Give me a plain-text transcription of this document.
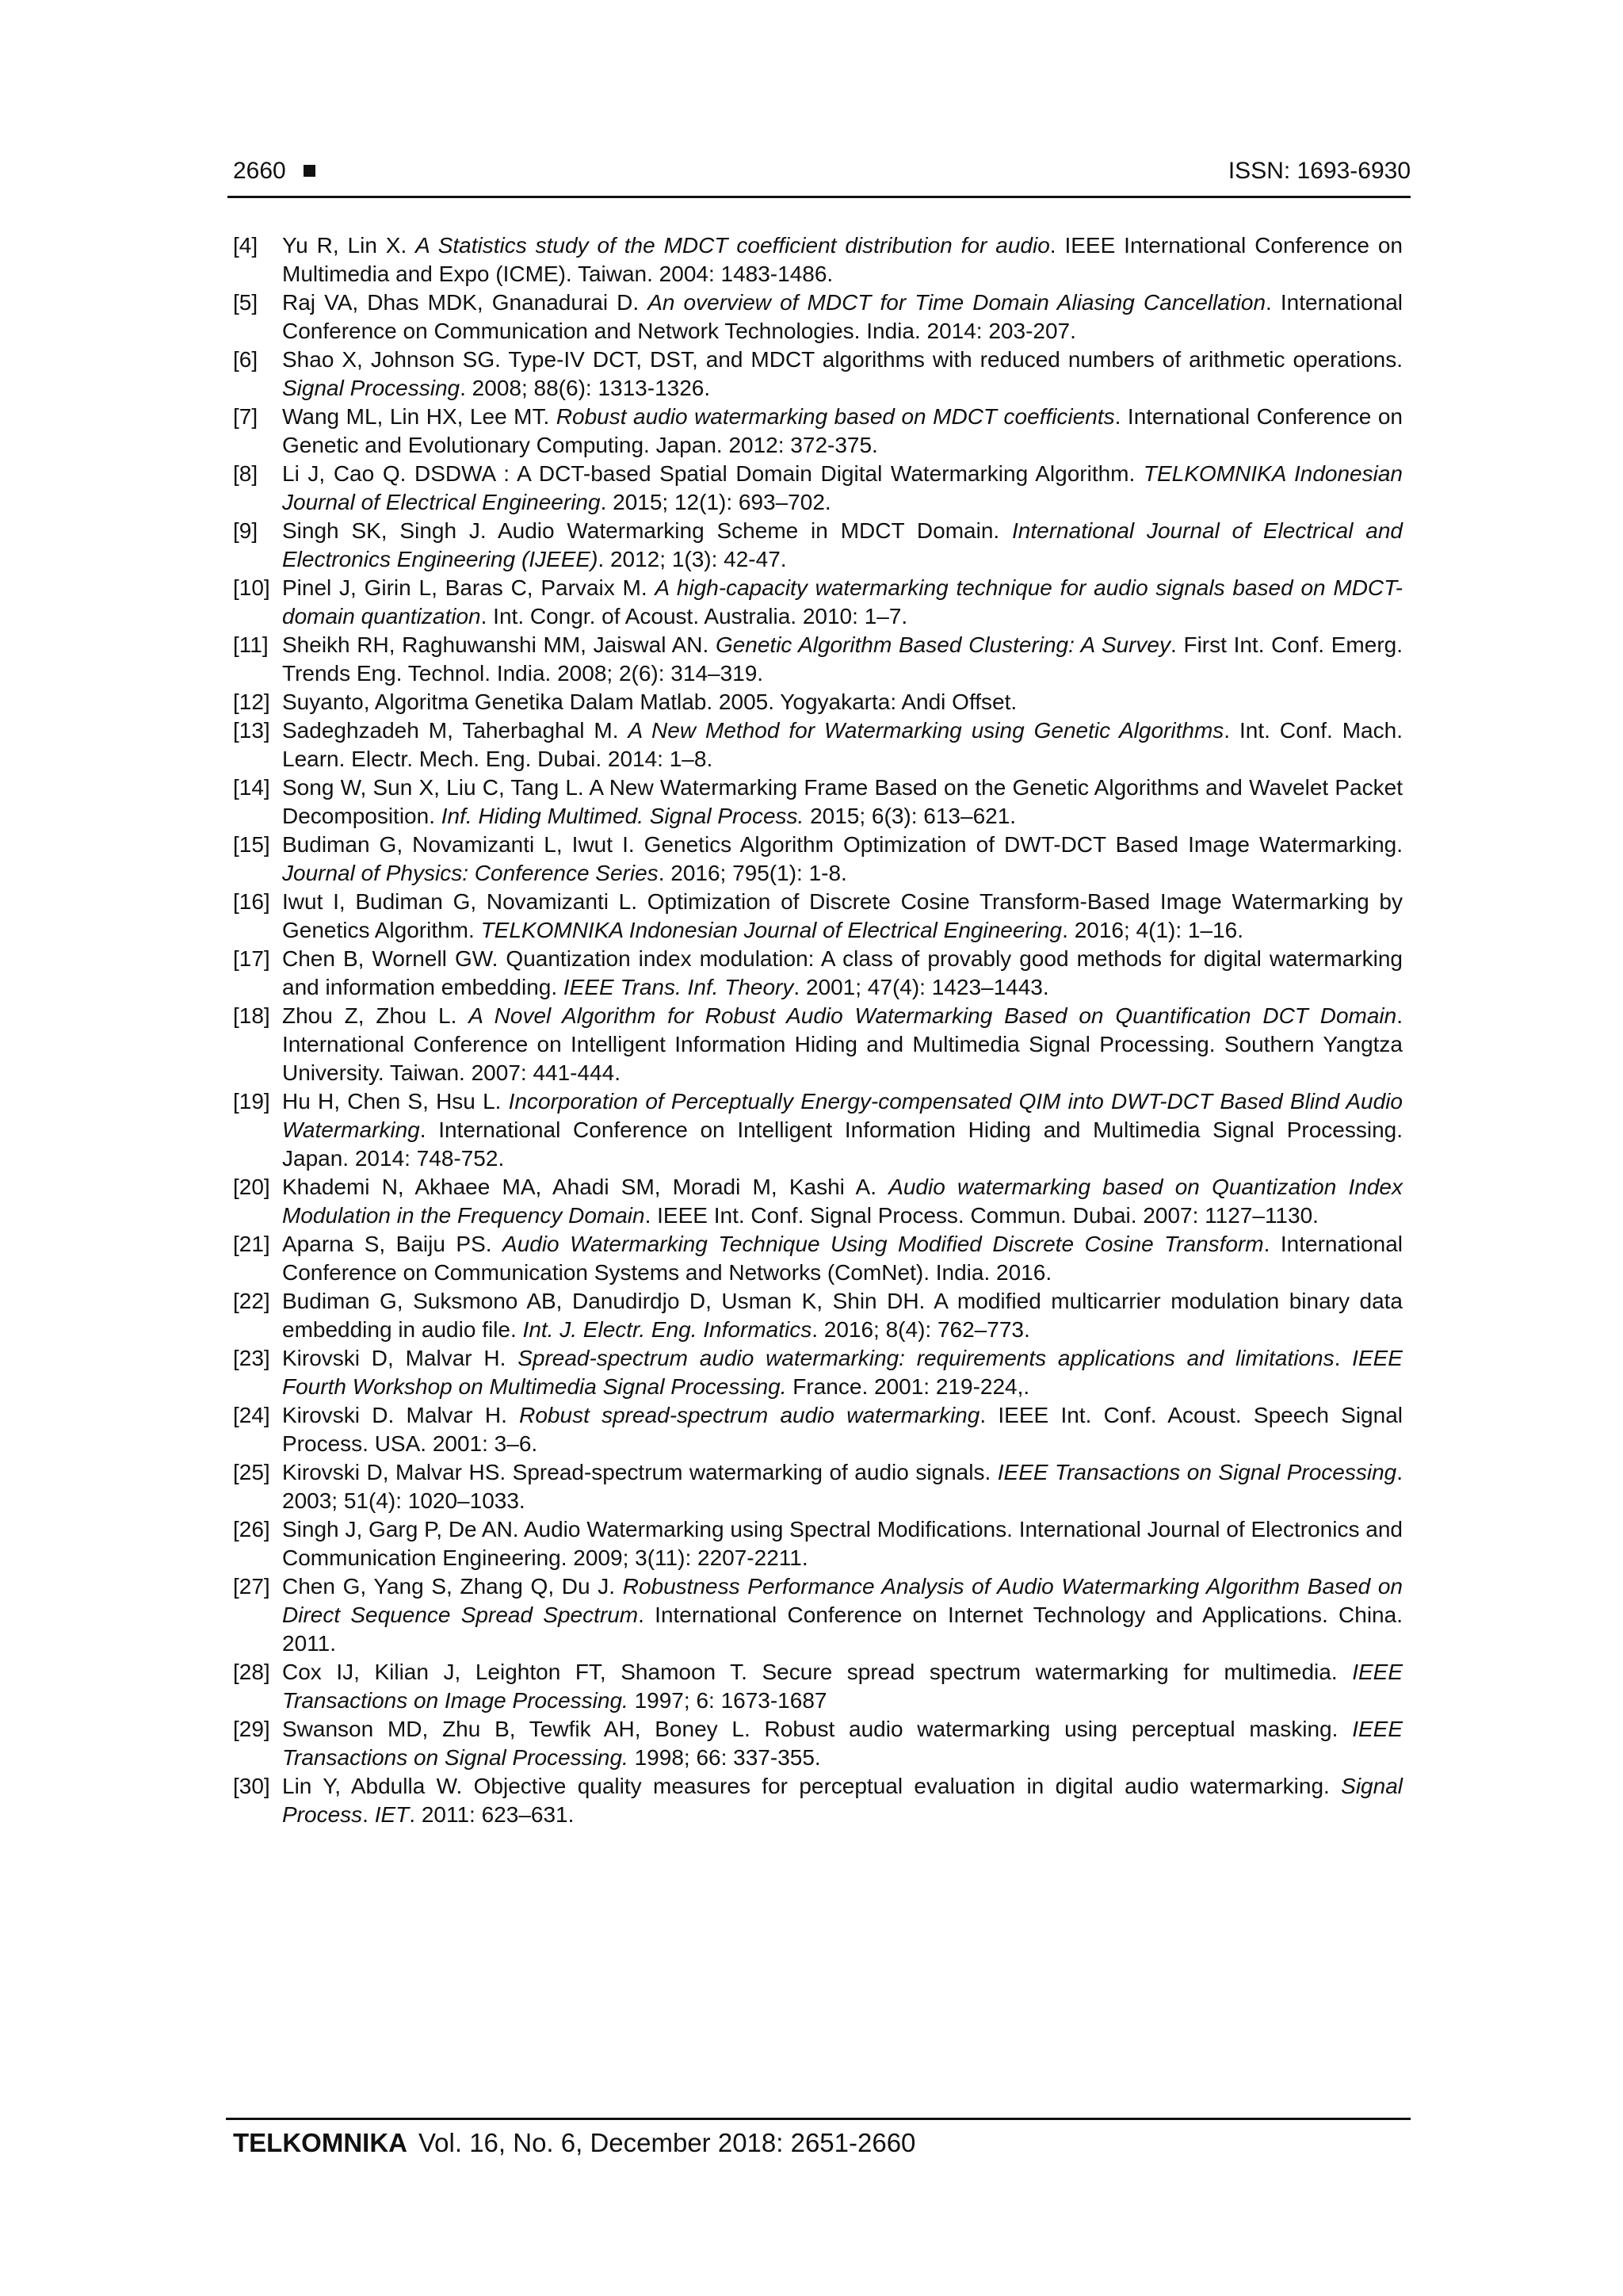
2660	ISSN: 1693-6930
[4] Yu R, Lin X. A Statistics study of the MDCT coefficient distribution for audio. IEEE International Conference on Multimedia and Expo (ICME). Taiwan. 2004: 1483-1486.
[5] Raj VA, Dhas MDK, Gnanadurai D. An overview of MDCT for Time Domain Aliasing Cancellation. International Conference on Communication and Network Technologies. India. 2014: 203-207.
[6] Shao X, Johnson SG. Type-IV DCT, DST, and MDCT algorithms with reduced numbers of arithmetic operations. Signal Processing. 2008; 88(6): 1313-1326.
[7] Wang ML, Lin HX, Lee MT. Robust audio watermarking based on MDCT coefficients. International Conference on Genetic and Evolutionary Computing. Japan. 2012: 372-375.
[8] Li J, Cao Q. DSDWA : A DCT-based Spatial Domain Digital Watermarking Algorithm. TELKOMNIKA Indonesian Journal of Electrical Engineering. 2015; 12(1): 693–702.
[9] Singh SK, Singh J. Audio Watermarking Scheme in MDCT Domain. International Journal of Electrical and Electronics Engineering (IJEEE). 2012; 1(3): 42-47.
[10] Pinel J, Girin L, Baras C, Parvaix M. A high-capacity watermarking technique for audio signals based on MDCT-domain quantization. Int. Congr. of Acoust. Australia. 2010: 1–7.
[11] Sheikh RH, Raghuwanshi MM, Jaiswal AN. Genetic Algorithm Based Clustering: A Survey. First Int. Conf. Emerg. Trends Eng. Technol. India. 2008; 2(6): 314–319.
[12] Suyanto, Algoritma Genetika Dalam Matlab. 2005. Yogyakarta: Andi Offset.
[13] Sadeghzadeh M, Taherbaghal M. A New Method for Watermarking using Genetic Algorithms. Int. Conf. Mach. Learn. Electr. Mech. Eng. Dubai. 2014: 1–8.
[14] Song W, Sun X, Liu C, Tang L. A New Watermarking Frame Based on the Genetic Algorithms and Wavelet Packet Decomposition. Inf. Hiding Multimed. Signal Process. 2015; 6(3): 613–621.
[15] Budiman G, Novamizanti L, Iwut I. Genetics Algorithm Optimization of DWT-DCT Based Image Watermarking. Journal of Physics: Conference Series. 2016; 795(1): 1-8.
[16] Iwut I, Budiman G, Novamizanti L. Optimization of Discrete Cosine Transform-Based Image Watermarking by Genetics Algorithm. TELKOMNIKA Indonesian Journal of Electrical Engineering. 2016; 4(1): 1–16.
[17] Chen B, Wornell GW. Quantization index modulation: A class of provably good methods for digital watermarking and information embedding. IEEE Trans. Inf. Theory. 2001; 47(4): 1423–1443.
[18] Zhou Z, Zhou L. A Novel Algorithm for Robust Audio Watermarking Based on Quantification DCT Domain. International Conference on Intelligent Information Hiding and Multimedia Signal Processing. Southern Yangtza University. Taiwan. 2007: 441-444.
[19] Hu H, Chen S, Hsu L. Incorporation of Perceptually Energy-compensated QIM into DWT-DCT Based Blind Audio Watermarking. International Conference on Intelligent Information Hiding and Multimedia Signal Processing. Japan. 2014: 748-752.
[20] Khademi N, Akhaee MA, Ahadi SM, Moradi M, Kashi A. Audio watermarking based on Quantization Index Modulation in the Frequency Domain. IEEE Int. Conf. Signal Process. Commun. Dubai. 2007: 1127–1130.
[21] Aparna S, Baiju PS. Audio Watermarking Technique Using Modified Discrete Cosine Transform. International Conference on Communication Systems and Networks (ComNet). India. 2016.
[22] Budiman G, Suksmono AB, Danudirdjo D, Usman K, Shin DH. A modified multicarrier modulation binary data embedding in audio file. Int. J. Electr. Eng. Informatics. 2016; 8(4): 762–773.
[23] Kirovski D, Malvar H. Spread-spectrum audio watermarking: requirements applications and limitations. IEEE Fourth Workshop on Multimedia Signal Processing. France. 2001: 219-224,.
[24] Kirovski D. Malvar H. Robust spread-spectrum audio watermarking. IEEE Int. Conf. Acoust. Speech Signal Process. USA. 2001: 3–6.
[25] Kirovski D, Malvar HS. Spread-spectrum watermarking of audio signals. IEEE Transactions on Signal Processing. 2003; 51(4): 1020–1033.
[26] Singh J, Garg P, De AN. Audio Watermarking using Spectral Modifications. International Journal of Electronics and Communication Engineering. 2009; 3(11): 2207-2211.
[27] Chen G, Yang S, Zhang Q, Du J. Robustness Performance Analysis of Audio Watermarking Algorithm Based on Direct Sequence Spread Spectrum. International Conference on Internet Technology and Applications. China. 2011.
[28] Cox IJ, Kilian J, Leighton FT, Shamoon T. Secure spread spectrum watermarking for multimedia. IEEE Transactions on Image Processing. 1997; 6: 1673-1687
[29] Swanson MD, Zhu B, Tewfik AH, Boney L. Robust audio watermarking using perceptual masking. IEEE Transactions on Signal Processing. 1998; 66: 337-355.
[30] Lin Y, Abdulla W. Objective quality measures for perceptual evaluation in digital audio watermarking. Signal Process. IET. 2011: 623–631.
TELKOMNIKA Vol. 16, No. 6, December 2018: 2651-2660
